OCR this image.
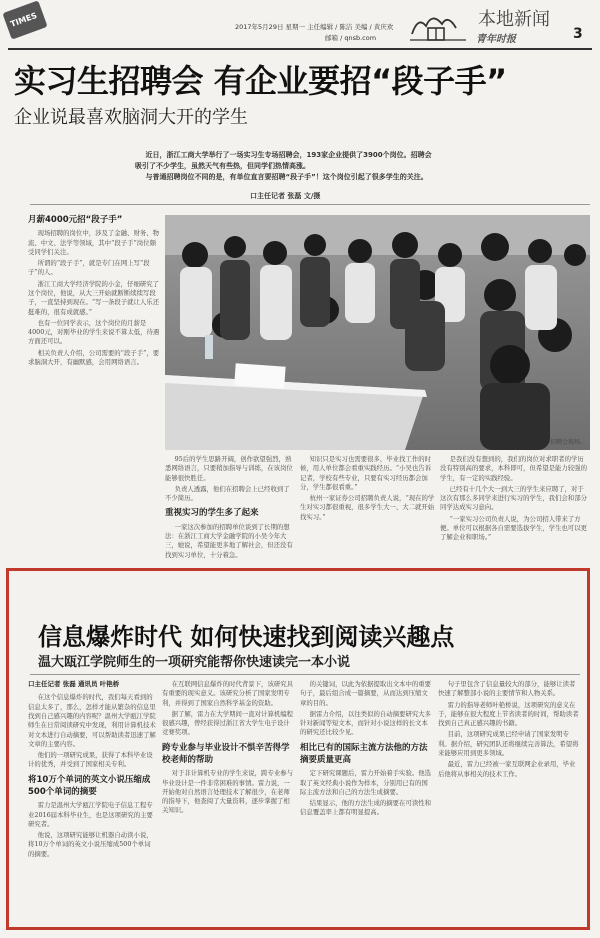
TIMES	2017年5月29日 星期一 主任编辑 / 陈洁 美编 / 黄庆欢
邮箱 / qnsb.com
本地新闻
青年时报	3
实习生招聘会 有企业要招“段子手”
企业说最喜欢脑洞大开的学生
近日，浙江工商大学举行了一场实习生专场招聘会，193家企业提供了3900个岗位。招聘会
吸引了不少学生，虽然天气有些热，但同学们热情高涨。
与普通招聘岗位不同的是，有单位直言要招聘“段子手”！这个岗位引起了很多学生的关注。
口主任记者 张磊 文/摄
月薪4000元招“段子手”

现场招聘的岗位中，涉及了金融、财务、物流、中文、法学等领域，其中“段子手”岗位颇受同学们关注。

所谓的“段子手”，就是专门在网上写“段子”的人。

浙江工商大学经济学院的小金，仔细研究了这个岗位，他说，从大三开始就断断续续写段子，一直坚持到现在。“写一条段子就让人乐还挺难的，很有成就感。”

也有一位同学表示，这个岗位的月薪是4000元，对刚毕业的学生来说不算太低，待遇方面还可以。

相关负责人介绍，公司需要的“段子手”，要求脑洞大开，有幽默感，会用网络语言。

招聘会现场。

95后的学生思路开阔，创作欲望强烈，熟悉网络语言，只要稍加指导与训练，在该岗位能够很快胜任。

负责人透露，他们在招聘会上已经收到了不少简历。

重视实习的学生多了起来

一家这次参加的招聘单位谈到了长期的想法：在浙江工商大学金融学院的小吴今年大三，她说，希望能更多地了解社会，但还没有找到实习单位，十分着急。

知识只是实习也需要很多，毕业找工作的时候，用人单位都会看重实践经历。“小吴也告诉记者，学校有些专业，只要有实习经历都会加分，学生都很看重。”

杭州一家证券公司招聘负责人说，“现在的学生对实习都很重视，很多学生大一、大二就开始找实习。”

是我们没有想到的，我们的岗位对求职者的学历没有特别高的要求，本科即可，但希望是能力较强的学生，有一定的实践经验。

已经有十几个大一到大三的学生来应聘了，对于这次有那么多同学来进行实习的学生，我们会和部分同学达成实习意向。

“一家实习公司负责人说，为公司招人带来了方便。单位可以根据各自需要选拔学生，学生也可以更了解企业和职场。”

信息爆炸时代 如何快速找到阅读兴趣点
温大瓯江学院师生的一项研究能帮你快速读完一本小说
口主任记者 张磊 通讯员 叶艳桥

在这个信息爆炸的时代，我们每天看到的信息太多了，那么，怎样才能从繁杂的信息里找到自己感兴趣的内容呢？温州大学瓯江学院师生在日常阅读研究中发现，利用计算机技术对文本进行自动摘要，可以帮助读者迅速了解文章的主要内容。

他们的一项研究成果，获得了本科毕业设计的优秀，并受到了国家相关专利。

将10万个单词的英文小说压缩成500个单词的摘要

雷力是温州大学瓯江学院电子信息工程专业2016届本科毕业生，也是这项研究的主要研究者。

他说，这项研究能够让机器自动读小说，将10万个单词的英文小说压缩成500个单词的摘要。

在互联网信息爆炸的时代背景下，该研究具有重要的现实意义。该研究分析了国家发明专利，并得到了国家自然科学基金的资助。

据了解，雷力在大学期间一直对计算机编程很感兴趣，曾经获得过浙江省大学生电子设计竞赛奖项。

跨专业参与毕业设计不惧辛苦得学校老师的帮助

对于非计算机专业的学生来说，跨专业参与毕业设计是一件非常困难的事情。雷力说，一开始他对自然语言处理技术了解很少，在老师的指导下，他查阅了大量资料，逐步掌握了相关知识。

的关键词，以此为依据提取出文本中的重要句子，最后组合成一篇摘要，从而达到压缩文章的目的。

据雷力介绍，以往类似的自动摘要研究大多针对新闻等短文本，而针对小说这样的长文本的研究还比较少见。

相比已有的国际主流方法他的方法摘要质量更高

定下研究课题后，雷力开始着手实验。他选取了英文经典小说作为样本，分别用已有的国际主流方法和自己的方法生成摘要。

结果显示，他的方法生成的摘要在可读性和信息覆盖率上都有明显提高。

句子里包含了信息量较大的部分，能够让读者快速了解整部小说的主要情节和人物关系。

雷力的指导老师叶艳桥说，这项研究的意义在于，能够在很大程度上节省读者的时间，帮助读者找到自己真正感兴趣的书籍。

目前，这项研究成果已经申请了国家发明专利。据介绍，研究团队还将继续完善算法，希望将来能够应用到更多领域。

最近，雷力已经被一家互联网企业录用，毕业后他将从事相关的技术工作。
